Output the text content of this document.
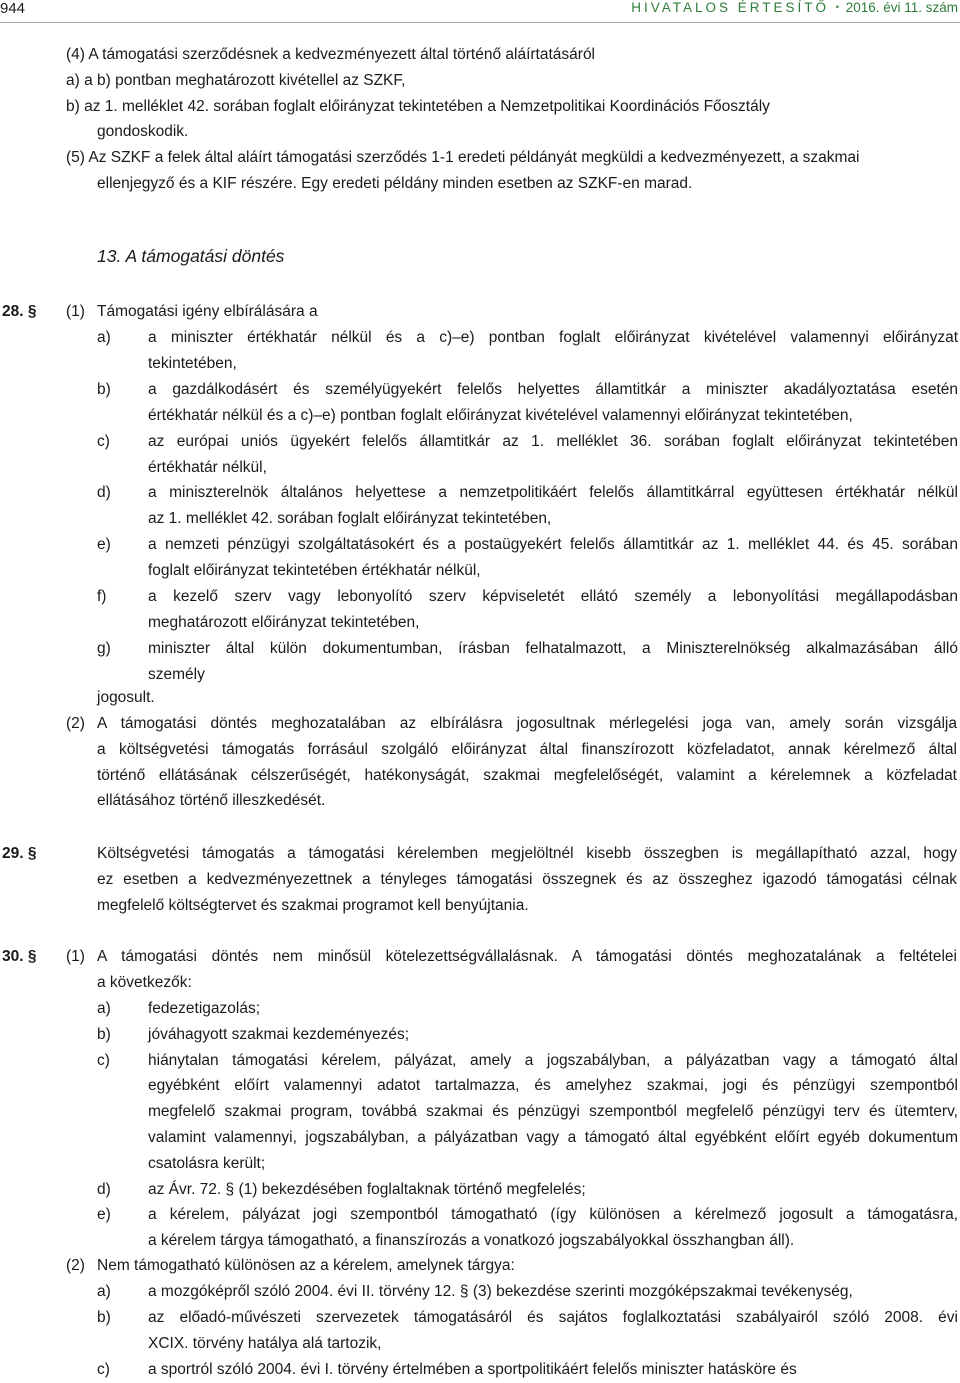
944	HIVATALOS ÉRTESÍTŐ • 2016. évi 11. szám
(4) A támogatási szerződésnek a kedvezményezett által történő aláírtatásáról
a) a b) pontban meghatározott kivétellel az SZKF,
b) az 1. melléklet 42. sorában foglalt előirányzat tekintetében a Nemzetpolitikai Koordinációs Főosztály
gondoskodik.
(5) Az SZKF a felek által aláírt támogatási szerződés 1-1 eredeti példányát megküldi a kedvezményezett, a szakmai
ellenjegyző és a KIF részére. Egy eredeti példány minden esetben az SZKF-en marad.
13. A támogatási döntés
28. § (1) Támogatási igény elbírálására a
a) a miniszter értékhatár nélkül és a c)–e) pontban foglalt előirányzat kivételével valamennyi előirányzat
tekintetében,
b) a gazdálkodásért és személyügyekért felelős helyettes államtitkár a miniszter akadályoztatása esetén
értékhatár nélkül és a c)–e) pontban foglalt előirányzat kivételével valamennyi előirányzat tekintetében,
c) az európai uniós ügyekért felelős államtitkár az 1. melléklet 36. sorában foglalt előirányzat tekintetében
értékhatár nélkül,
d) a miniszterelnök általános helyettese a nemzetpolitikáért felelős államtitkárral együttesen értékhatár nélkül
az 1. melléklet 42. sorában foglalt előirányzat tekintetében,
e) a nemzeti pénzügyi szolgáltatásokért és a postaügyekért felelős államtitkár az 1. melléklet 44. és 45. sorában
foglalt előirányzat tekintetében értékhatár nélkül,
f)	a kezelő szerv vagy lebonyolító szerv képviseletét ellátó személy a lebonyolítási megállapodásban
meghatározott előirányzat tekintetében,
g) miniszter által külön dokumentumban, írásban felhatalmazott, a Miniszterelnökség alkalmazásában álló
személy
jogosult.
(2) A támogatási döntés meghozatalában az elbírálásra jogosultnak mérlegelési joga van, amely során vizsgálja
a költségvetési támogatás forrásául szolgáló előirányzat által finanszírozott közfeladatot, annak kérelmező által
történő ellátásának célszerűségét, hatékonyságát, szakmai megfelelőségét, valamint a kérelemnek a közfeladat
ellátásához történő illeszkedését.
29. §	Költségvetési támogatás a támogatási kérelemben megjelöltnél kisebb összegben is megállapítható azzal, hogy
ez esetben a kedvezményezettnek a tényleges támogatási összegnek és az összeghez igazodó támogatási célnak
megfelelő költségtervet és szakmai programot kell benyújtania.
30. § (1) A támogatási döntés nem minősül kötelezettségvállalásnak. A támogatási döntés meghozatalának a feltételei
a következők:
a) fedezetigazolás;
b) jóváhagyott szakmai kezdeményezés;
c) hiánytalan támogatási kérelem, pályázat, amely a jogszabályban, a pályázatban vagy a támogató által
egyébként előírt valamennyi adatot tartalmazza, és amelyhez szakmai, jogi és pénzügyi szempontból
megfelelő szakmai program, továbbá szakmai és pénzügyi szempontból megfelelő pénzügyi terv és ütemterv,
valamint valamennyi, jogszabályban, a pályázatban vagy a támogató által egyébként előírt egyéb dokumentum
csatolásra került;
d) az Ávr. 72. § (1) bekezdésében foglaltaknak történő megfelelés;
e) a kérelem, pályázat jogi szempontból támogatható (így különösen a kérelmező jogosult a támogatásra,
a kérelem tárgya támogatható, a finanszírozás a vonatkozó jogszabályokkal összhangban áll).
(2) Nem támogatható különösen az a kérelem, amelynek tárgya:
a) a mozgóképről szóló 2004. évi II. törvény 12. § (3) bekezdése szerinti mozgóképszakmai tevékenység,
b) az előadó-művészeti szervezetek támogatásáról és sajátos foglalkoztatási szabályairól szóló 2008. évi
XCIX. törvény hatálya alá tartozik,
c) a sportról szóló 2004. évi I. törvény értelmében a sportpolitikáért felelős miniszter hatásköre és
